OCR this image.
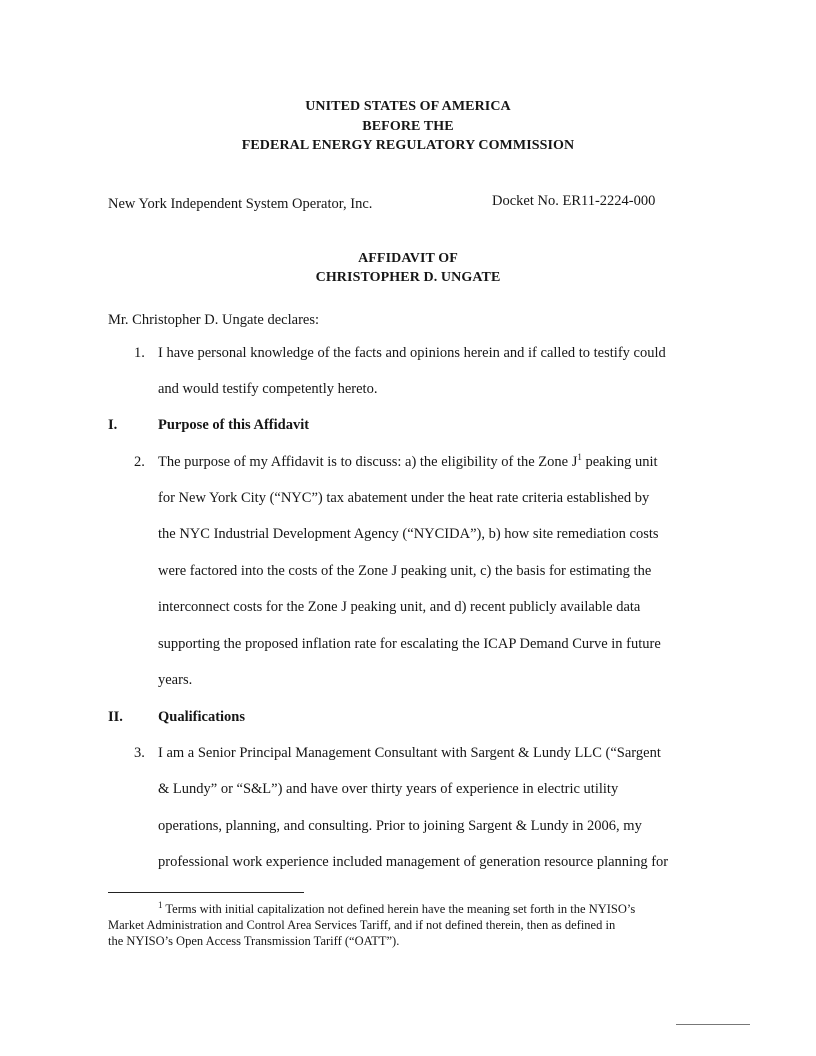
UNITED STATES OF AMERICA
BEFORE THE
FEDERAL ENERGY REGULATORY COMMISSION
New York Independent System Operator, Inc.	Docket No. ER11-2224-000
AFFIDAVIT OF
CHRISTOPHER D. UNGATE
Mr. Christopher D. Ungate declares:
1. I have personal knowledge of the facts and opinions herein and if called to testify could
and would testify competently hereto.
I.	Purpose of this Affidavit
2. The purpose of my Affidavit is to discuss: a) the eligibility of the Zone $J^1$ peaking unit
for New York City (“NYC”) tax abatement under the heat rate criteria established by
the NYC Industrial Development Agency (“NYCIDA”), b) how site remediation costs
were factored into the costs of the Zone J peaking unit, c) the basis for estimating the
interconnect costs for the Zone J peaking unit, and d) recent publicly available data
supporting the proposed inflation rate for escalating the ICAP Demand Curve in future
years.
II. Qualifications
3. I am a Senior Principal Management Consultant with Sargent & Lundy LLC (“Sargent
& Lundy” or “S&L”) and have over thirty years of experience in electric utility
operations, planning, and consulting. Prior to joining Sargent & Lundy in 2006, my
professional work experience included management of generation resource planning for
$^1$ Terms with initial capitalization not defined herein have the meaning set forth in the NYISO’s
Market Administration and Control Area Services Tariff, and if not defined therein, then as defined in
the NYISO’s Open Access Transmission Tariff (“OATT”).
